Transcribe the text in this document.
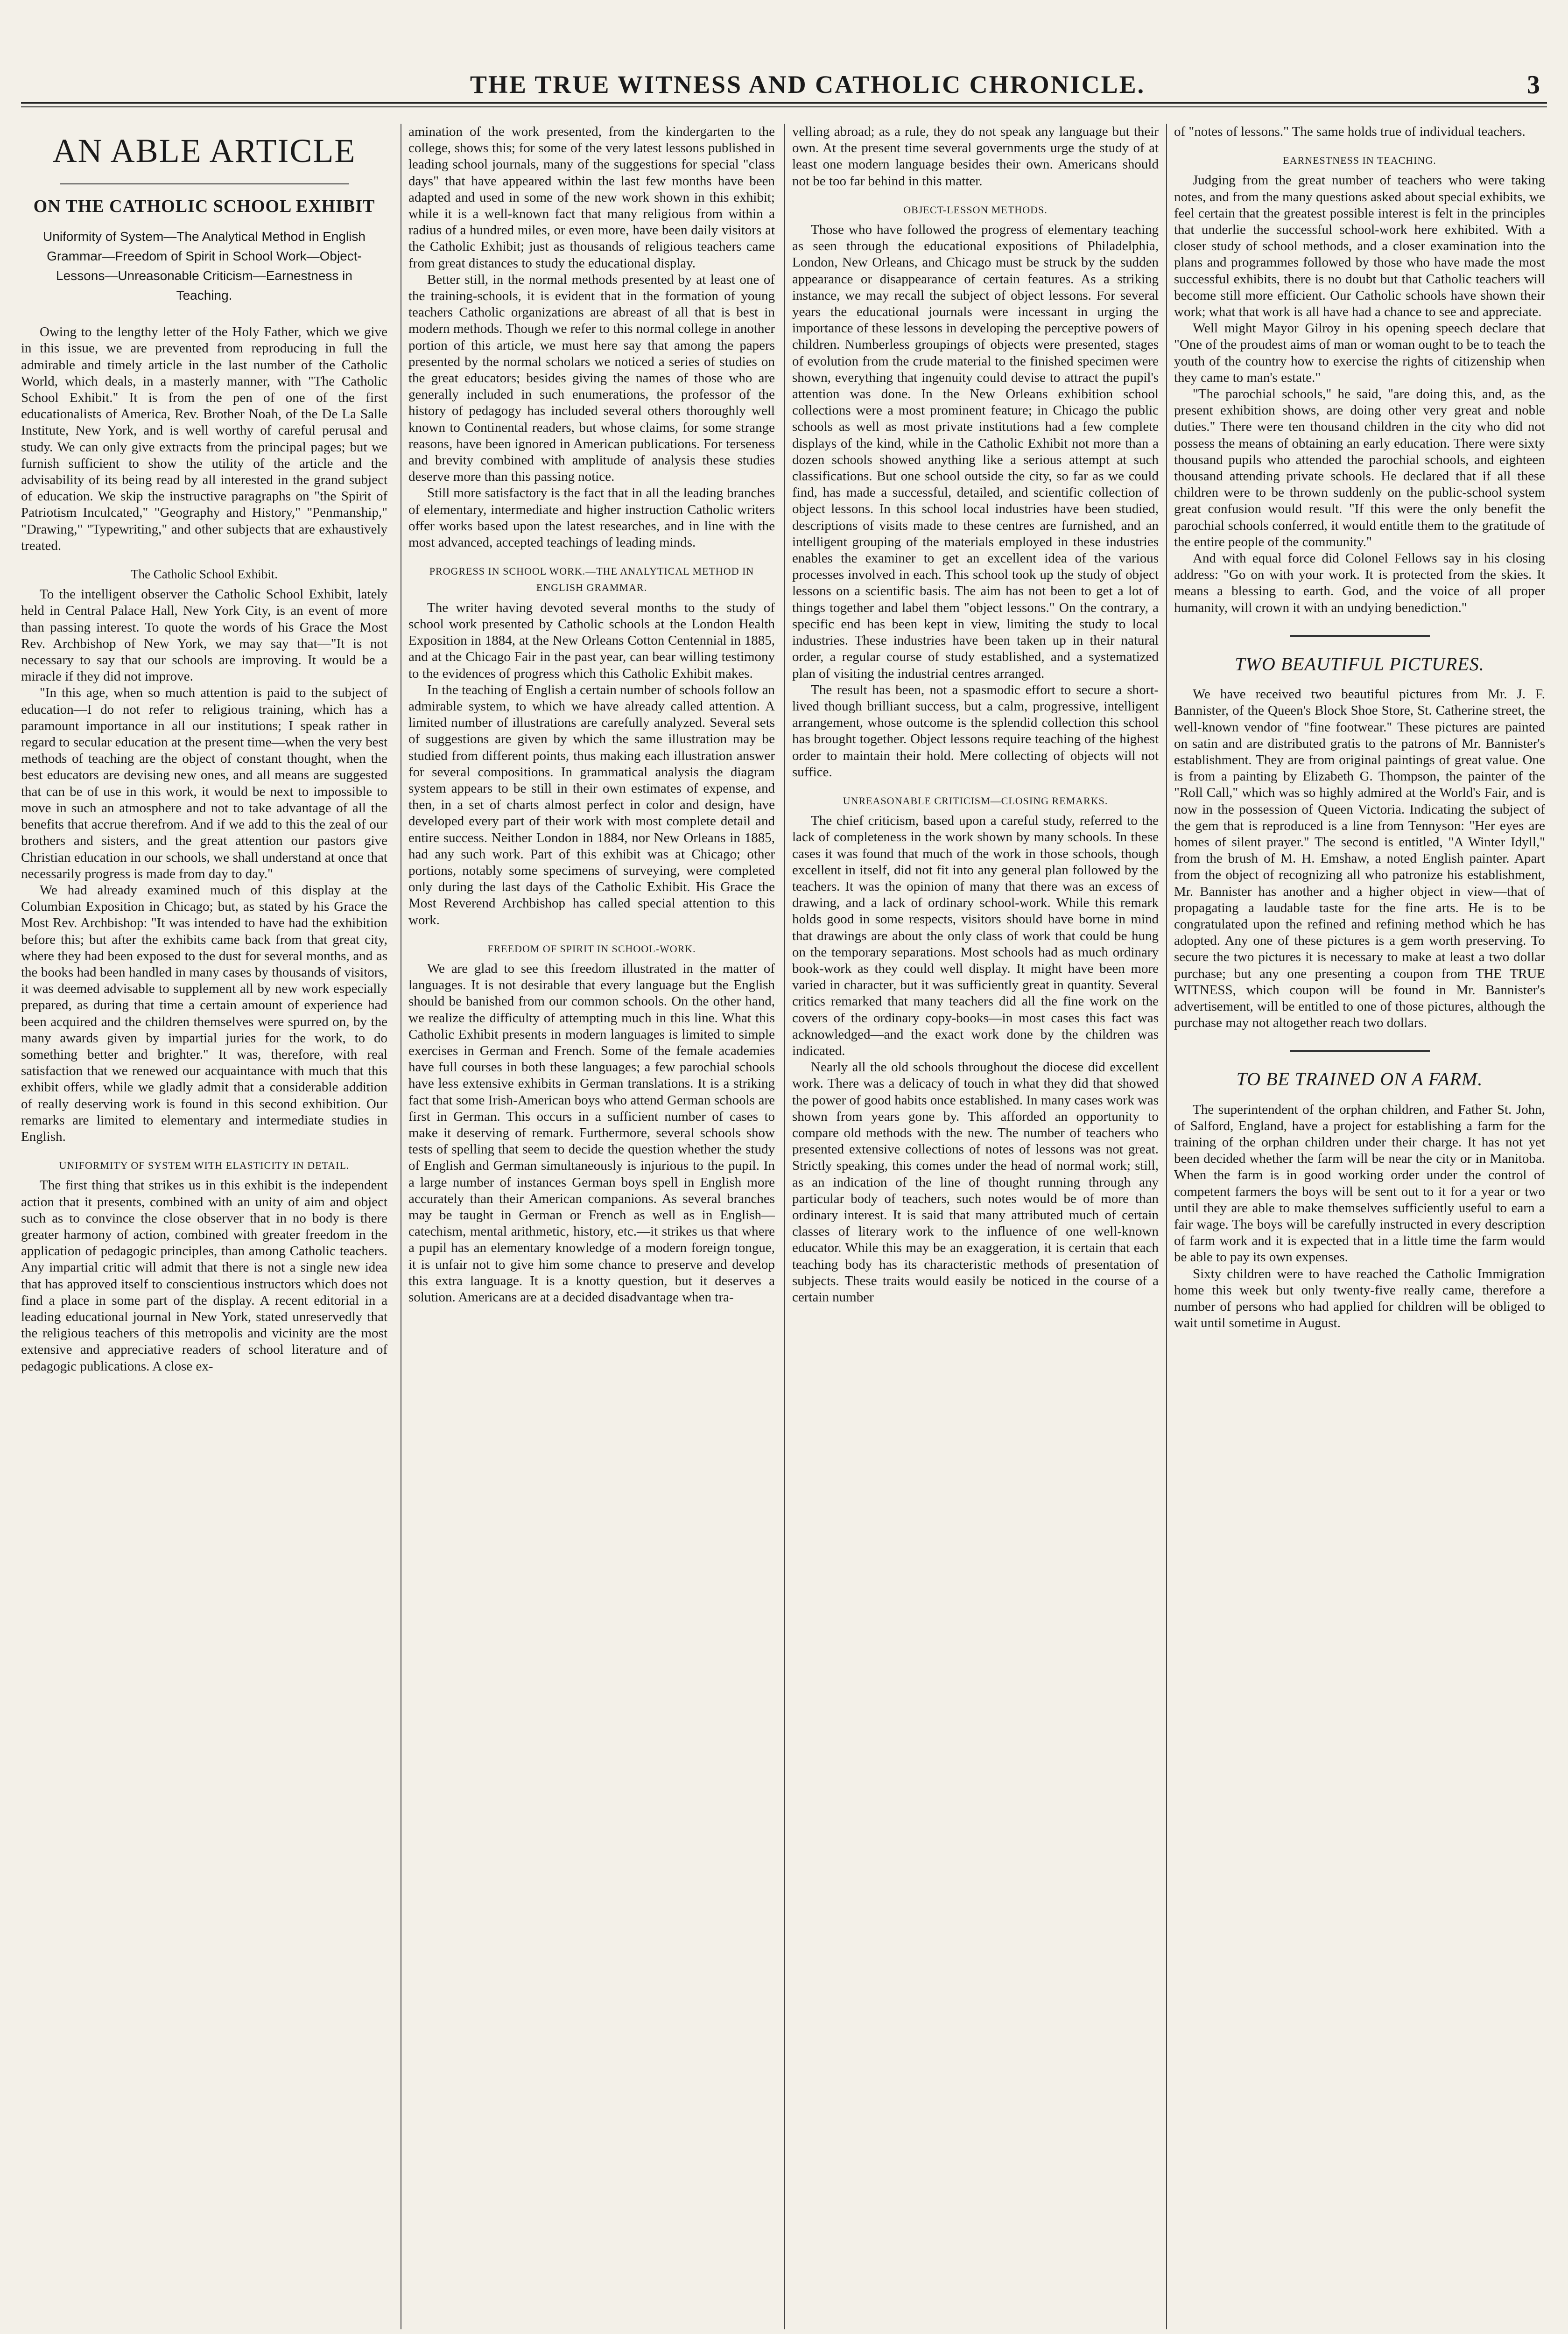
THE TRUE WITNESS AND CATHOLIC CHRONICLE.	3
AN ABLE ARTICLE
ON THE CATHOLIC SCHOOL EXHIBIT
Uniformity of System—The Analytical Method in English Grammar—Freedom of Spirit in School Work—Object-Lessons—Unreasonable Criticism—Earnestness in Teaching.

Owing to the lengthy letter of the Holy Father, which we give in this issue, we are prevented from reproducing in full the admirable and timely article in the last number of the Catholic World, which deals, in a masterly manner, with "The Catholic School Exhibit." It is from the pen of one of the first educationalists of America, Rev. Brother Noah, of the De La Salle Institute, New York, and is well worthy of careful perusal and study. We can only give extracts from the principal pages; but we furnish sufficient to show the utility of the article and the advisability of its being read by all interested in the grand subject of education. We skip the instructive paragraphs on "the Spirit of Patriotism Inculcated," "Geography and History," "Penmanship," "Drawing," "Typewriting," and other subjects that are exhaustively treated.

The Catholic School Exhibit.

To the intelligent observer the Catholic School Exhibit, lately held in Central Palace Hall, New York City, is an event of more than passing interest. To quote the words of his Grace the Most Rev. Archbishop of New York, we may say that—"It is not necessary to say that our schools are improving. It would be a miracle if they did not improve.

"In this age, when so much attention is paid to the subject of education—I do not refer to religious training, which has a paramount importance in all our institutions; I speak rather in regard to secular education at the present time—when the very best methods of teaching are the object of constant thought, when the best educators are devising new ones, and all means are suggested that can be of use in this work, it would be next to impossible to move in such an atmosphere and not to take advantage of all the benefits that accrue therefrom. And if we add to this the zeal of our brothers and sisters, and the great attention our pastors give Christian education in our schools, we shall understand at once that necessarily progress is made from day to day."

We had already examined much of this display at the Columbian Exposition in Chicago; but, as stated by his Grace the Most Rev. Archbishop: "It was intended to have had the exhibition before this; but after the exhibits came back from that great city, where they had been exposed to the dust for several months, and as the books had been handled in many cases by thousands of visitors, it was deemed advisable to supplement all by new work especially prepared, as during that time a certain amount of experience had been acquired and the children themselves were spurred on, by the many awards given by impartial juries for the work, to do something better and brighter." It was, therefore, with real satisfaction that we renewed our acquaintance with much that this exhibit offers, while we gladly admit that a considerable addition of really deserving work is found in this second exhibition. Our remarks are limited to elementary and intermediate studies in English.

UNIFORMITY OF SYSTEM WITH ELASTICITY IN DETAIL.

The first thing that strikes us in this exhibit is the independent action that it presents, combined with an unity of aim and object such as to convince the close observer that in no body is there greater harmony of action, combined with greater freedom in the application of pedagogic principles, than among Catholic teachers. Any impartial critic will admit that there is not a single new idea that has approved itself to conscientious instructors which does not find a place in some part of the display. A recent editorial in a leading educational journal in New York, stated unreservedly that the religious teachers of this metropolis and vicinity are the most extensive and appreciative readers of school literature and of pedagogic publications. A close ex-

amination of the work presented, from the kindergarten to the college, shows this; for some of the very latest lessons published in leading school journals, many of the suggestions for special "class days" that have appeared within the last few months have been adapted and used in some of the new work shown in this exhibit; while it is a well-known fact that many religious from within a radius of a hundred miles, or even more, have been daily visitors at the Catholic Exhibit; just as thousands of religious teachers came from great distances to study the educational display.

Better still, in the normal methods presented by at least one of the training-schools, it is evident that in the formation of young teachers Catholic organizations are abreast of all that is best in modern methods. Though we refer to this normal college in another portion of this article, we must here say that among the papers presented by the normal scholars we noticed a series of studies on the great educators; besides giving the names of those who are generally included in such enumerations, the professor of the history of pedagogy has included several others thoroughly well known to Continental readers, but whose claims, for some strange reasons, have been ignored in American publications. For terseness and brevity combined with amplitude of analysis these studies deserve more than this passing notice.

Still more satisfactory is the fact that in all the leading branches of elementary, intermediate and higher instruction Catholic writers offer works based upon the latest researches, and in line with the most advanced, accepted teachings of leading minds.

PROGRESS IN SCHOOL WORK.—THE ANALYTICAL METHOD IN ENGLISH GRAMMAR.

The writer having devoted several months to the study of school work presented by Catholic schools at the London Health Exposition in 1884, at the New Orleans Cotton Centennial in 1885, and at the Chicago Fair in the past year, can bear willing testimony to the evidences of progress which this Catholic Exhibit makes.

In the teaching of English a certain number of schools follow an admirable system, to which we have already called attention. A limited number of illustrations are carefully analyzed. Several sets of suggestions are given by which the same illustration may be studied from different points, thus making each illustration answer for several compositions. In grammatical analysis the diagram system appears to be still in their own estimates of expense, and then, in a set of charts almost perfect in color and design, have developed every part of their work with most complete detail and entire success. Neither London in 1884, nor New Orleans in 1885, had any such work. Part of this exhibit was at Chicago; other portions, notably some specimens of surveying, were completed only during the last days of the Catholic Exhibit. His Grace the Most Reverend Archbishop has called special attention to this work.

FREEDOM OF SPIRIT IN SCHOOL-WORK.

We are glad to see this freedom illustrated in the matter of languages. It is not desirable that every language but the English should be banished from our common schools. On the other hand, we realize the difficulty of attempting much in this line. What this Catholic Exhibit presents in modern languages is limited to simple exercises in German and French. Some of the female academies have full courses in both these languages; a few parochial schools have less extensive exhibits in German translations. It is a striking fact that some Irish-American boys who attend German schools are first in German. This occurs in a sufficient number of cases to make it deserving of remark. Furthermore, several schools show tests of spelling that seem to decide the question whether the study of English and German simultaneously is injurious to the pupil. In a large number of instances German boys spell in English more accurately than their American companions. As several branches may be taught in German or French as well as in English—catechism, mental arithmetic, history, etc.—it strikes us that where a pupil has an elementary knowledge of a modern foreign tongue, it is unfair not to give him some chance to preserve and develop this extra language. It is a knotty question, but it deserves a solution. Americans are at a decided disadvantage when tra-

velling abroad; as a rule, they do not speak any language but their own. At the present time several governments urge the study of at least one modern language besides their own. Americans should not be too far behind in this matter.

OBJECT-LESSON METHODS.

Those who have followed the progress of elementary teaching as seen through the educational expositions of Philadelphia, London, New Orleans, and Chicago must be struck by the sudden appearance or disappearance of certain features. As a striking instance, we may recall the subject of object lessons. For several years the educational journals were incessant in urging the importance of these lessons in developing the perceptive powers of children. Numberless groupings of objects were presented, stages of evolution from the crude material to the finished specimen were shown, everything that ingenuity could devise to attract the pupil's attention was done. In the New Orleans exhibition school collections were a most prominent feature; in Chicago the public schools as well as most private institutions had a few complete displays of the kind, while in the Catholic Exhibit not more than a dozen schools showed anything like a serious attempt at such classifications. But one school outside the city, so far as we could find, has made a successful, detailed, and scientific collection of object lessons. In this school local industries have been studied, descriptions of visits made to these centres are furnished, and an intelligent grouping of the materials employed in these industries enables the examiner to get an excellent idea of the various processes involved in each. This school took up the study of object lessons on a scientific basis. The aim has not been to get a lot of things together and label them "object lessons." On the contrary, a specific end has been kept in view, limiting the study to local industries. These industries have been taken up in their natural order, a regular course of study established, and a systematized plan of visiting the industrial centres arranged.

The result has been, not a spasmodic effort to secure a short-lived though brilliant success, but a calm, progressive, intelligent arrangement, whose outcome is the splendid collection this school has brought together. Object lessons require teaching of the highest order to maintain their hold. Mere collecting of objects will not suffice.

UNREASONABLE CRITICISM—CLOSING REMARKS.

The chief criticism, based upon a careful study, referred to the lack of completeness in the work shown by many schools. In these cases it was found that much of the work in those schools, though excellent in itself, did not fit into any general plan followed by the teachers. It was the opinion of many that there was an excess of drawing, and a lack of ordinary school-work. While this remark holds good in some respects, visitors should have borne in mind that drawings are about the only class of work that could be hung on the temporary separations. Most schools had as much ordinary book-work as they could well display. It might have been more varied in character, but it was sufficiently great in quantity. Several critics remarked that many teachers did all the fine work on the covers of the ordinary copy-books—in most cases this fact was acknowledged—and the exact work done by the children was indicated.

Nearly all the old schools throughout the diocese did excellent work. There was a delicacy of touch in what they did that showed the power of good habits once established. In many cases work was shown from years gone by. This afforded an opportunity to compare old methods with the new. The number of teachers who presented extensive collections of notes of lessons was not great. Strictly speaking, this comes under the head of normal work; still, as an indication of the line of thought running through any particular body of teachers, such notes would be of more than ordinary interest. It is said that many attributed much of certain classes of literary work to the influence of one well-known educator. While this may be an exaggeration, it is certain that each teaching body has its characteristic methods of presentation of subjects. These traits would easily be noticed in the course of a certain number

of "notes of lessons." The same holds true of individual teachers.

EARNESTNESS IN TEACHING.

Judging from the great number of teachers who were taking notes, and from the many questions asked about special exhibits, we feel certain that the greatest possible interest is felt in the principles that underlie the successful school-work here exhibited. With a closer study of school methods, and a closer examination into the plans and programmes followed by those who have made the most successful exhibits, there is no doubt but that Catholic teachers will become still more efficient. Our Catholic schools have shown their work; what that work is all have had a chance to see and appreciate.

Well might Mayor Gilroy in his opening speech declare that "One of the proudest aims of man or woman ought to be to teach the youth of the country how to exercise the rights of citizenship when they came to man's estate."

"The parochial schools," he said, "are doing this, and, as the present exhibition shows, are doing other very great and noble duties." There were ten thousand children in the city who did not possess the means of obtaining an early education. There were sixty thousand pupils who attended the parochial schools, and eighteen thousand attending private schools. He declared that if all these children were to be thrown suddenly on the public-school system great confusion would result. "If this were the only benefit the parochial schools conferred, it would entitle them to the gratitude of the entire people of the community."

And with equal force did Colonel Fellows say in his closing address: "Go on with your work. It is protected from the skies. It means a blessing to earth. God, and the voice of all proper humanity, will crown it with an undying benediction."

TWO BEAUTIFUL PICTURES.

We have received two beautiful pictures from Mr. J. F. Bannister, of the Queen's Block Shoe Store, St. Catherine street, the well-known vendor of "fine footwear." These pictures are painted on satin and are distributed gratis to the patrons of Mr. Bannister's establishment. They are from original paintings of great value. One is from a painting by Elizabeth G. Thompson, the painter of the "Roll Call," which was so highly admired at the World's Fair, and is now in the possession of Queen Victoria. Indicating the subject of the gem that is reproduced is a line from Tennyson: "Her eyes are homes of silent prayer." The second is entitled, "A Winter Idyll," from the brush of M. H. Emshaw, a noted English painter. Apart from the object of recognizing all who patronize his establishment, Mr. Bannister has another and a higher object in view—that of propagating a laudable taste for the fine arts. He is to be congratulated upon the refined and refining method which he has adopted. Any one of these pictures is a gem worth preserving. To secure the two pictures it is necessary to make at least a two dollar purchase; but any one presenting a coupon from THE TRUE WITNESS, which coupon will be found in Mr. Bannister's advertisement, will be entitled to one of those pictures, although the purchase may not altogether reach two dollars.

TO BE TRAINED ON A FARM.

The superintendent of the orphan children, and Father St. John, of Salford, England, have a project for establishing a farm for the training of the orphan children under their charge. It has not yet been decided whether the farm will be near the city or in Manitoba. When the farm is in good working order under the control of competent farmers the boys will be sent out to it for a year or two until they are able to make themselves sufficiently useful to earn a fair wage. The boys will be carefully instructed in every description of farm work and it is expected that in a little time the farm would be able to pay its own expenses.

Sixty children were to have reached the Catholic Immigration home this week but only twenty-five really came, therefore a number of persons who had applied for children will be obliged to wait until sometime in August.
